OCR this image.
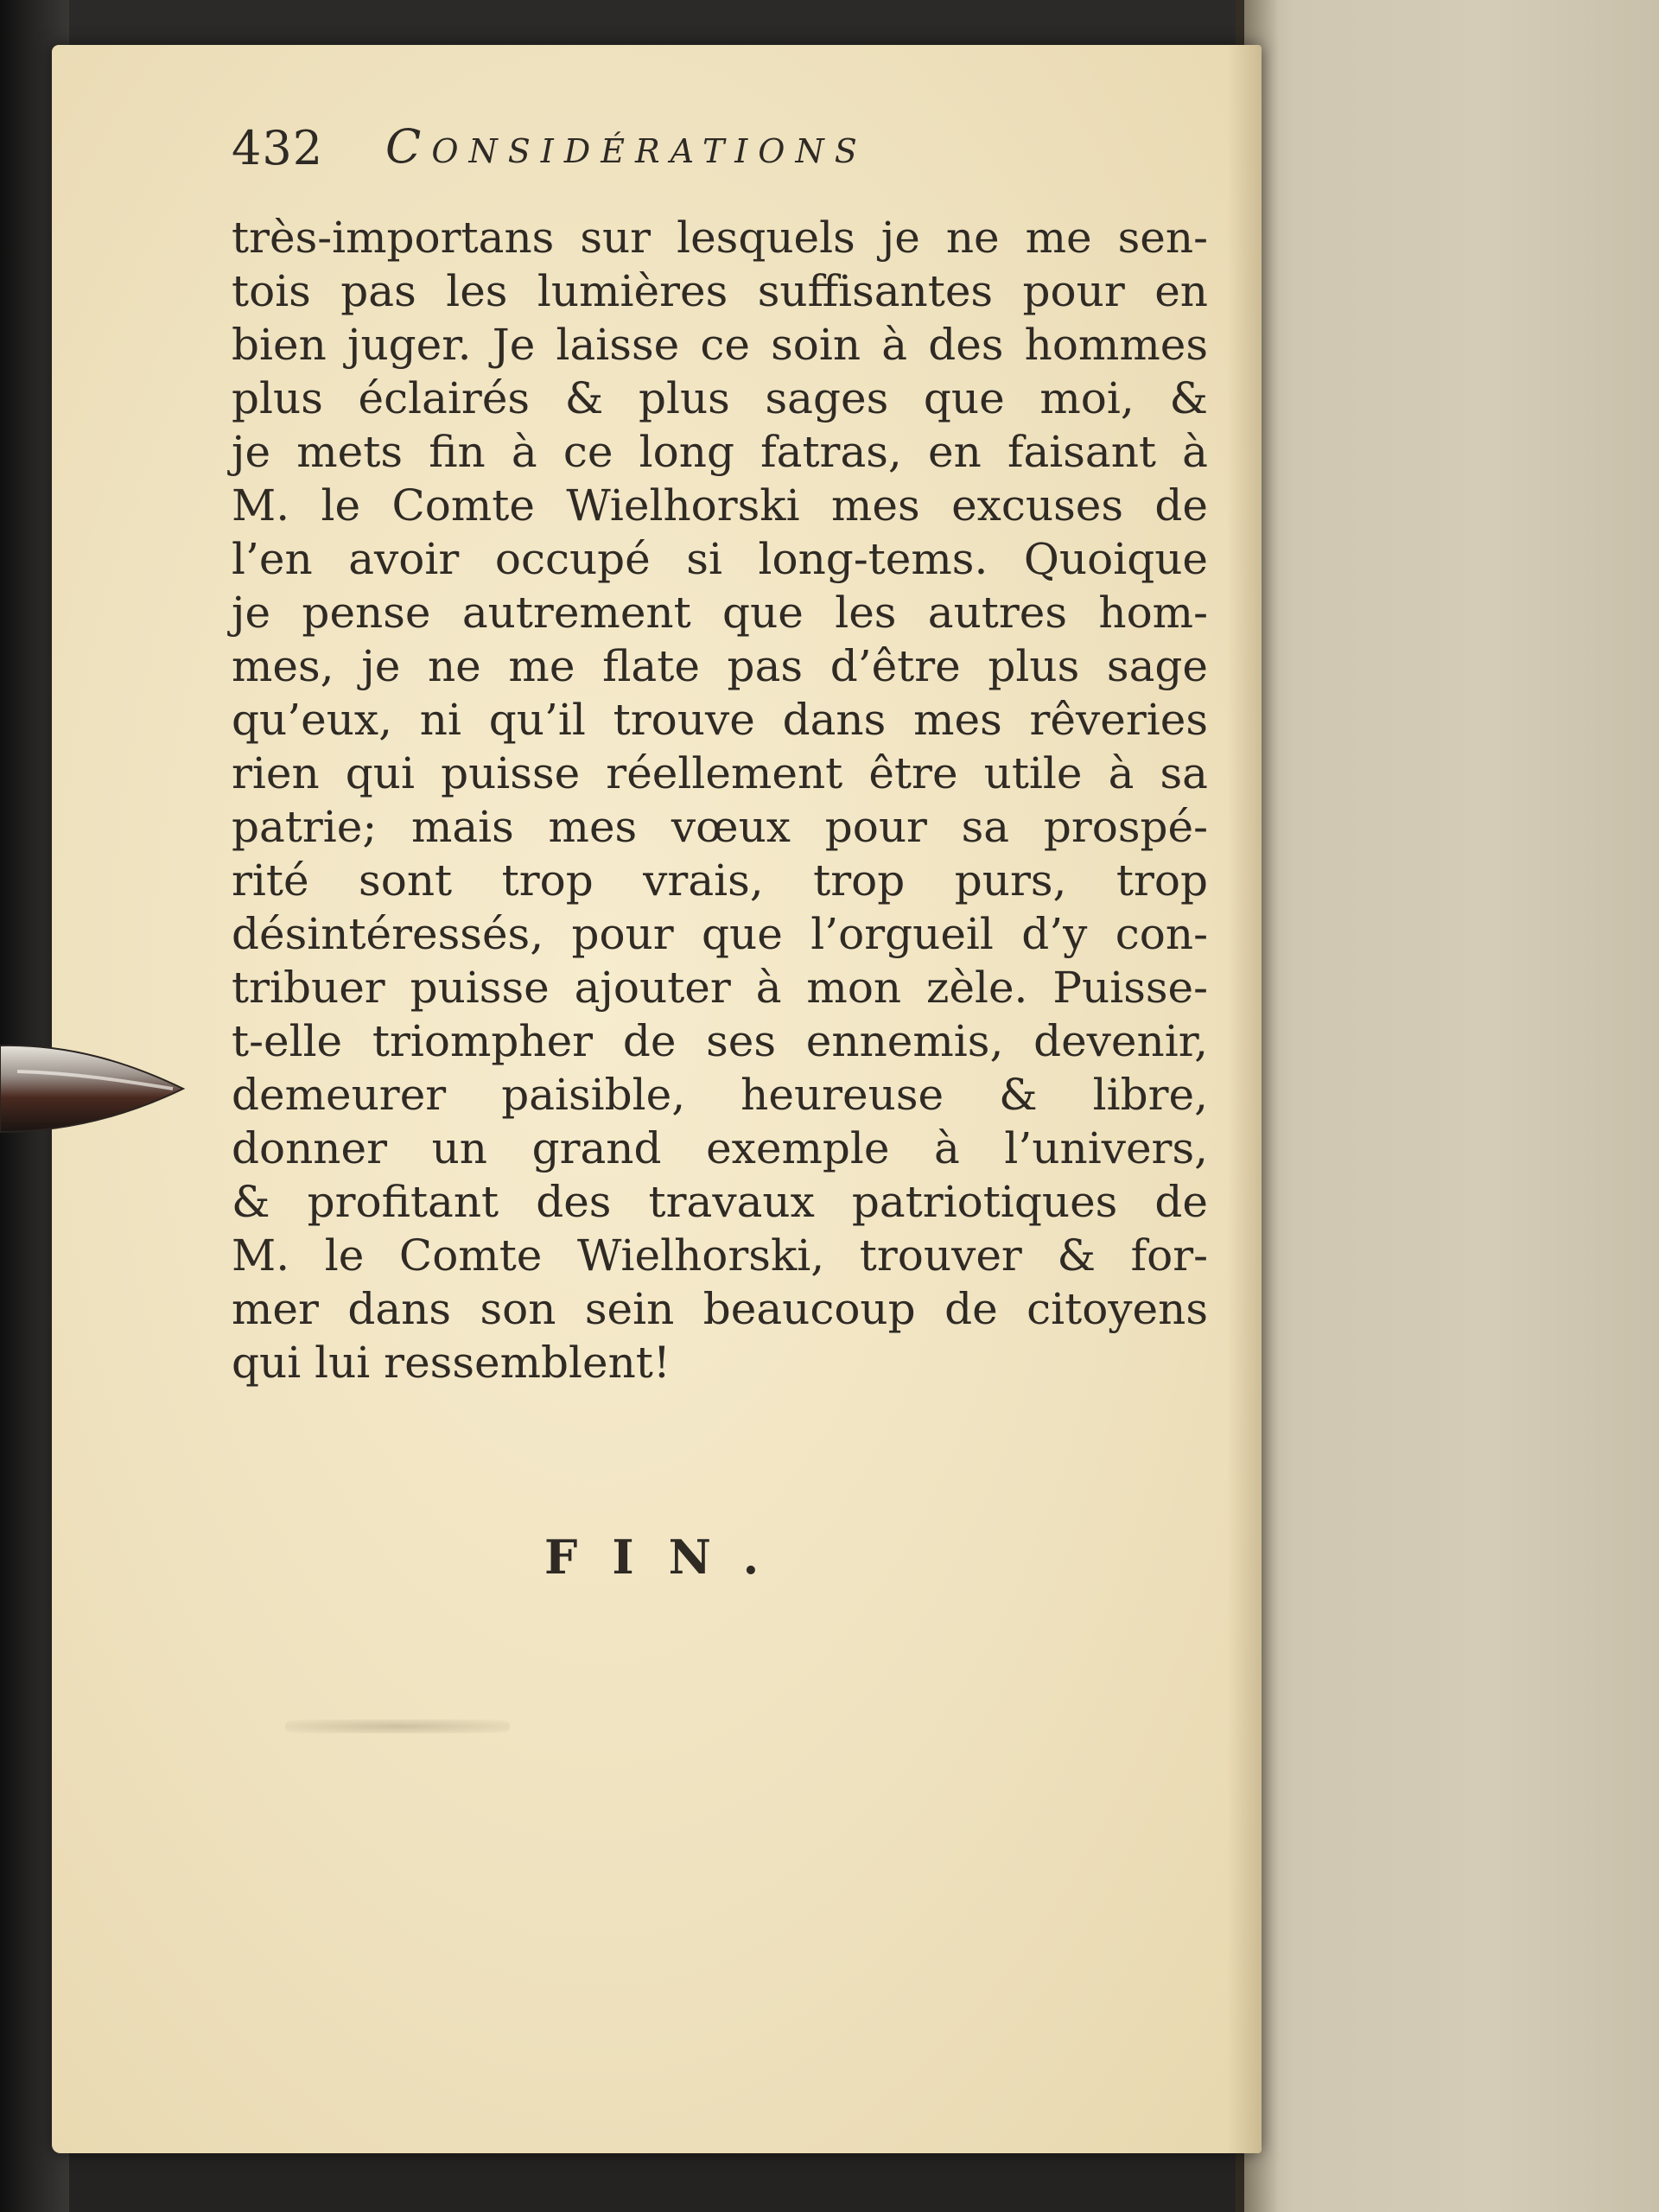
432 Considérations
très-importans sur lesquels je ne me sen-
tois pas les lumières suffisantes pour en
bien juger. Je laisse ce soin à des hommes
plus éclairés & plus sages que moi, &
je mets fin à ce long fatras, en faisant à
M. le Comte Wielhorski mes excuses de
l’en avoir occupé si long-tems. Quoique
je pense autrement que les autres hom-
mes, je ne me flate pas d’être plus sage
qu’eux, ni qu’il trouve dans mes rêveries
rien qui puisse réellement être utile à sa
patrie; mais mes vœux pour sa prospé-
rité sont trop vrais, trop purs, trop
désintéressés, pour que l’orgueil d’y con-
tribuer puisse ajouter à mon zèle. Puisse-
t-elle triompher de ses ennemis, devenir,
demeurer paisible, heureuse & libre,
donner un grand exemple à l’univers,
& profitant des travaux patriotiques de
M. le Comte Wielhorski, trouver & for-
mer dans son sein beaucoup de citoyens
qui lui ressemblent!
FIN.
